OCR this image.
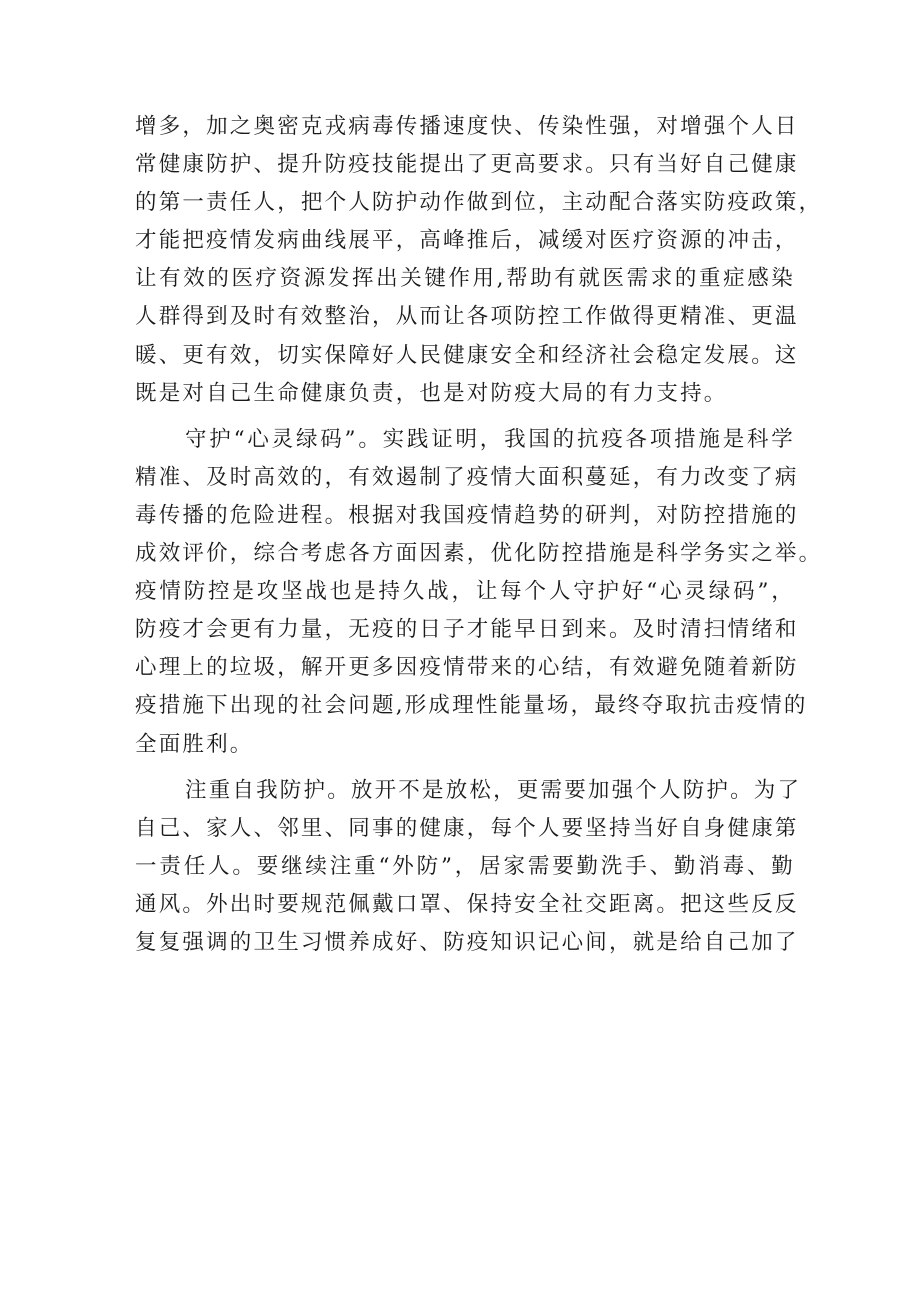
增多，加之奥密克戎病毒传播速度快、传染性强，对增强个人日
常健康防护、提升防疫技能提出了更高要求。只有当好自己健康
的第一责任人，把个人防护动作做到位，主动配合落实防疫政策，
才能把疫情发病曲线展平，高峰推后，减缓对医疗资源的冲击，
让有效的医疗资源发挥出关键作用,帮助有就医需求的重症感染
人群得到及时有效整治，从而让各项防控工作做得更精准、更温
暖、更有效，切实保障好人民健康安全和经济社会稳定发展。这
既是对自己生命健康负责，也是对防疫大局的有力支持。
守护“心灵绿码”。实践证明，我国的抗疫各项措施是科学
精准、及时高效的，有效遏制了疫情大面积蔓延，有力改变了病
毒传播的危险进程。根据对我国疫情趋势的研判，对防控措施的
成效评价，综合考虑各方面因素，优化防控措施是科学务实之举。
疫情防控是攻坚战也是持久战，让每个人守护好“心灵绿码”，
防疫才会更有力量，无疫的日子才能早日到来。及时清扫情绪和
心理上的垃圾，解开更多因疫情带来的心结，有效避免随着新防
疫措施下出现的社会问题,形成理性能量场，最终夺取抗击疫情的
全面胜利。
注重自我防护。放开不是放松，更需要加强个人防护。为了
自己、家人、邻里、同事的健康，每个人要坚持当好自身健康第
一责任人。要继续注重“外防”，居家需要勤洗手、勤消毒、勤
通风。外出时要规范佩戴口罩、保持安全社交距离。把这些反反
复复强调的卫生习惯养成好、防疫知识记心间，就是给自己加了
